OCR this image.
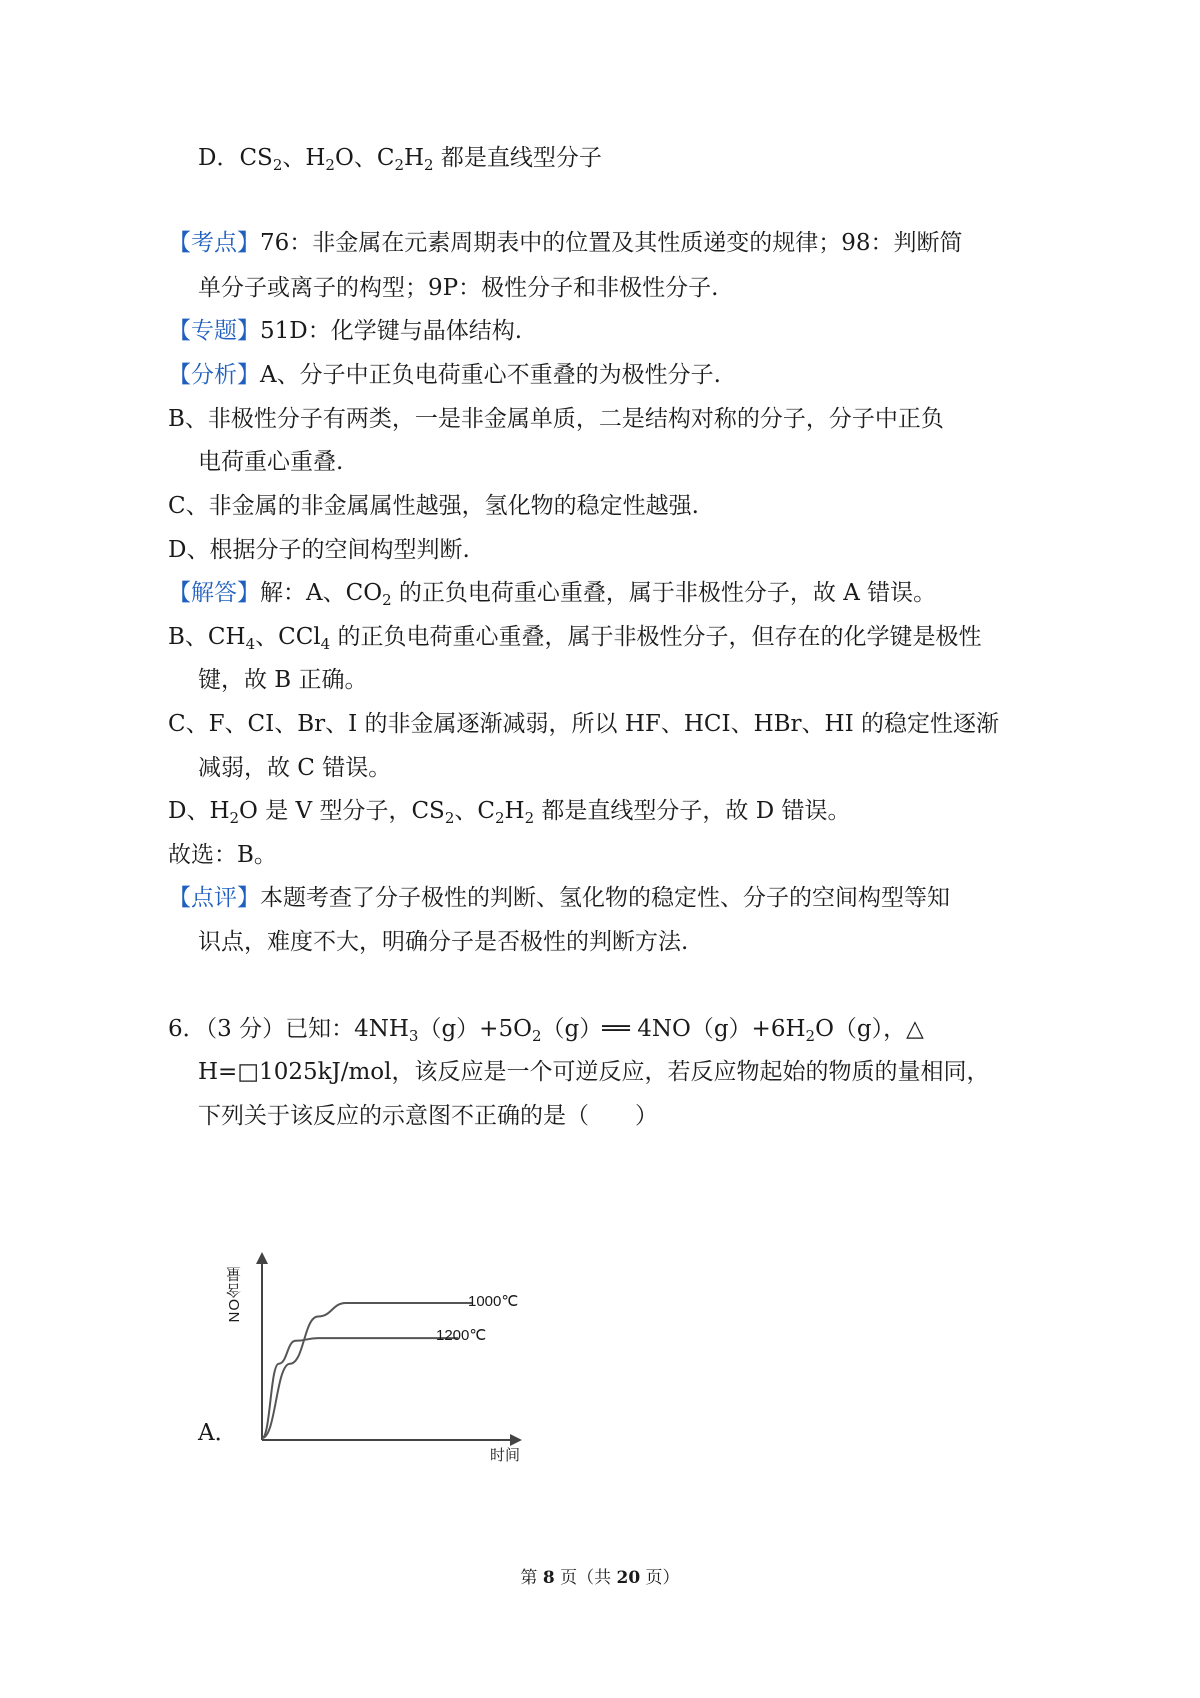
D．$CS_2$、$H_2O$、$C_2H_2$ 都是直线型分子
【考点】76：非金属在元素周期表中的位置及其性质递变的规律；98：判断简
单分子或离子的构型；9P：极性分子和非极性分子.
【专题】51D：化学键与晶体结构.
【分析】A、分子中正负电荷重心不重叠的为极性分子.
B、非极性分子有两类，一是非金属单质，二是结构对称的分子，分子中正负
电荷重心重叠.
C、非金属的非金属属性越强，氢化物的稳定性越强.
D、根据分子的空间构型判断.
【解答】解：A、$CO_2$ 的正负电荷重心重叠，属于非极性分子，故 A 错误。
B、$CH_4$、CCl$_4$ 的正负电荷重心重叠，属于非极性分子，但存在的化学键是极性
键，故 B 正确。
C、F、CI、Br、I 的非金属逐渐减弱，所以 HF、HCI、HBr、HI 的稳定性逐渐
减弱，故 C 错误。
D、$H_2O$ 是 V 型分子，$CS_2$、$C_2H_2$ 都是直线型分子，故 D 错误。
故选：B。
【点评】本题考查了分子极性的判断、氢化物的稳定性、分子的空间构型等知
识点，难度不大，明确分子是否极性的判断方法.
6．（3 分）已知：$4NH_3(g)+5O_2(g)══$ $4NO(g)+6H_2O(g)$，△
H=□1025kJ/mol，该反应是一个可逆反应，若反应物起始的物质的量相同，
下列关于该反应的示意图不正确的是（　　）
NO含量
时间
1000℃
1200℃
A．
第 8 页（共 20 页）
